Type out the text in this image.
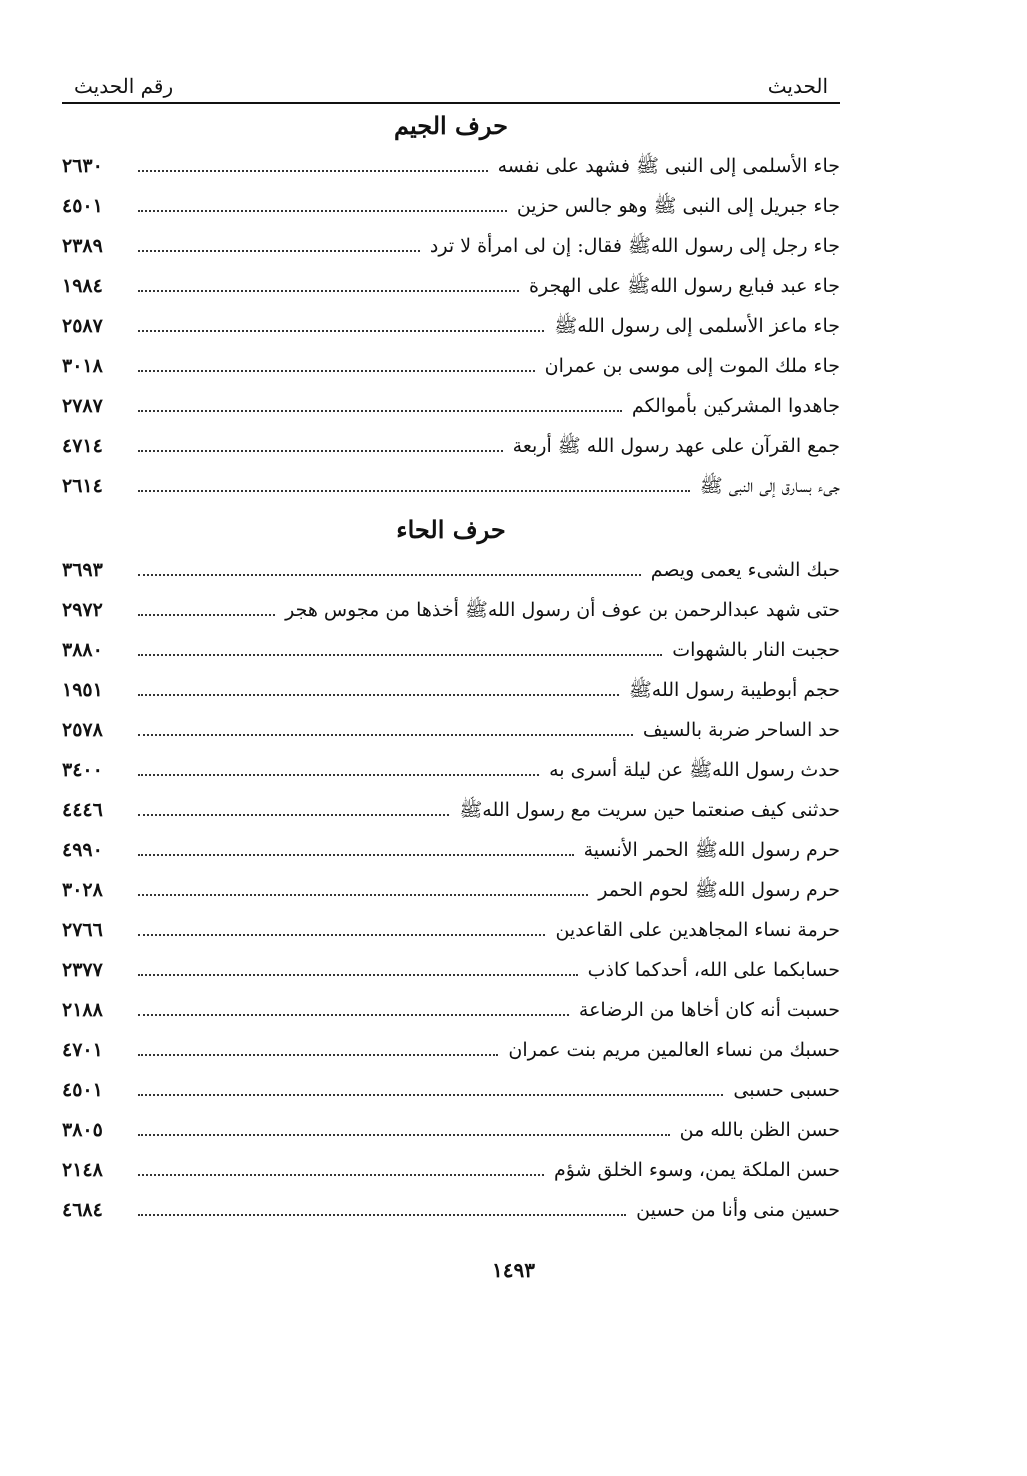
الحديث
رقم الحديث
حرف الجيم
جاء الأسلمى إلى النبى ﷺ فشهد على نفسه
٢٦٣٠
جاء جبريل إلى النبى ﷺ وهو جالس حزين
٤٥٠١
جاء رجل إلى رسول اللهﷺ فقال: إن لى امرأة لا ترد
٢٣٨٩
جاء عبد فبايع رسول اللهﷺ على الهجرة
١٩٨٤
جاء ماعز الأسلمى إلى رسول اللهﷺ
٢٥٨٧
جاء ملك الموت إلى موسى بن عمران
٣٠١٨
جاهدوا المشركين بأموالكم
٢٧٨٧
جمع القرآن على عهد رسول الله ﷺ أربعة
٤٧١٤
جىء بسارق إلى النبى ﷺ
٢٦١٤
حرف الحاء
حبك الشىء يعمى ويصم
٣٦٩٣
حتى شهد عبدالرحمن بن عوف أن رسول اللهﷺ أخذها من مجوس هجر
٢٩٧٢
حجبت النار بالشهوات
٣٨٨٠
حجم أبوطيبة رسول اللهﷺ
١٩٥١
حد الساحر ضربة بالسيف
٢٥٧٨
حدث رسول اللهﷺ عن ليلة أسرى به
٣٤٠٠
حدثنى كيف صنعتما حين سريت مع رسول اللهﷺ
٤٤٤٦
حرم رسول اللهﷺ الحمر الأنسية
٤٩٩٠
حرم رسول اللهﷺ لحوم الحمر
٣٠٢٨
حرمة نساء المجاهدين على القاعدين
٢٧٦٦
حسابكما على الله، أحدكما كاذب
٢٣٧٧
حسبت أنه كان أخاها من الرضاعة
٢١٨٨
حسبك من نساء العالمين مريم بنت عمران
٤٧٠١
حسبى حسبى
٤٥٠١
حسن الظن بالله من
٣٨٠٥
حسن الملكة يمن، وسوء الخلق شؤم
٢١٤٨
حسين منى وأنا من حسين
٤٦٨٤
١٤٩٣
